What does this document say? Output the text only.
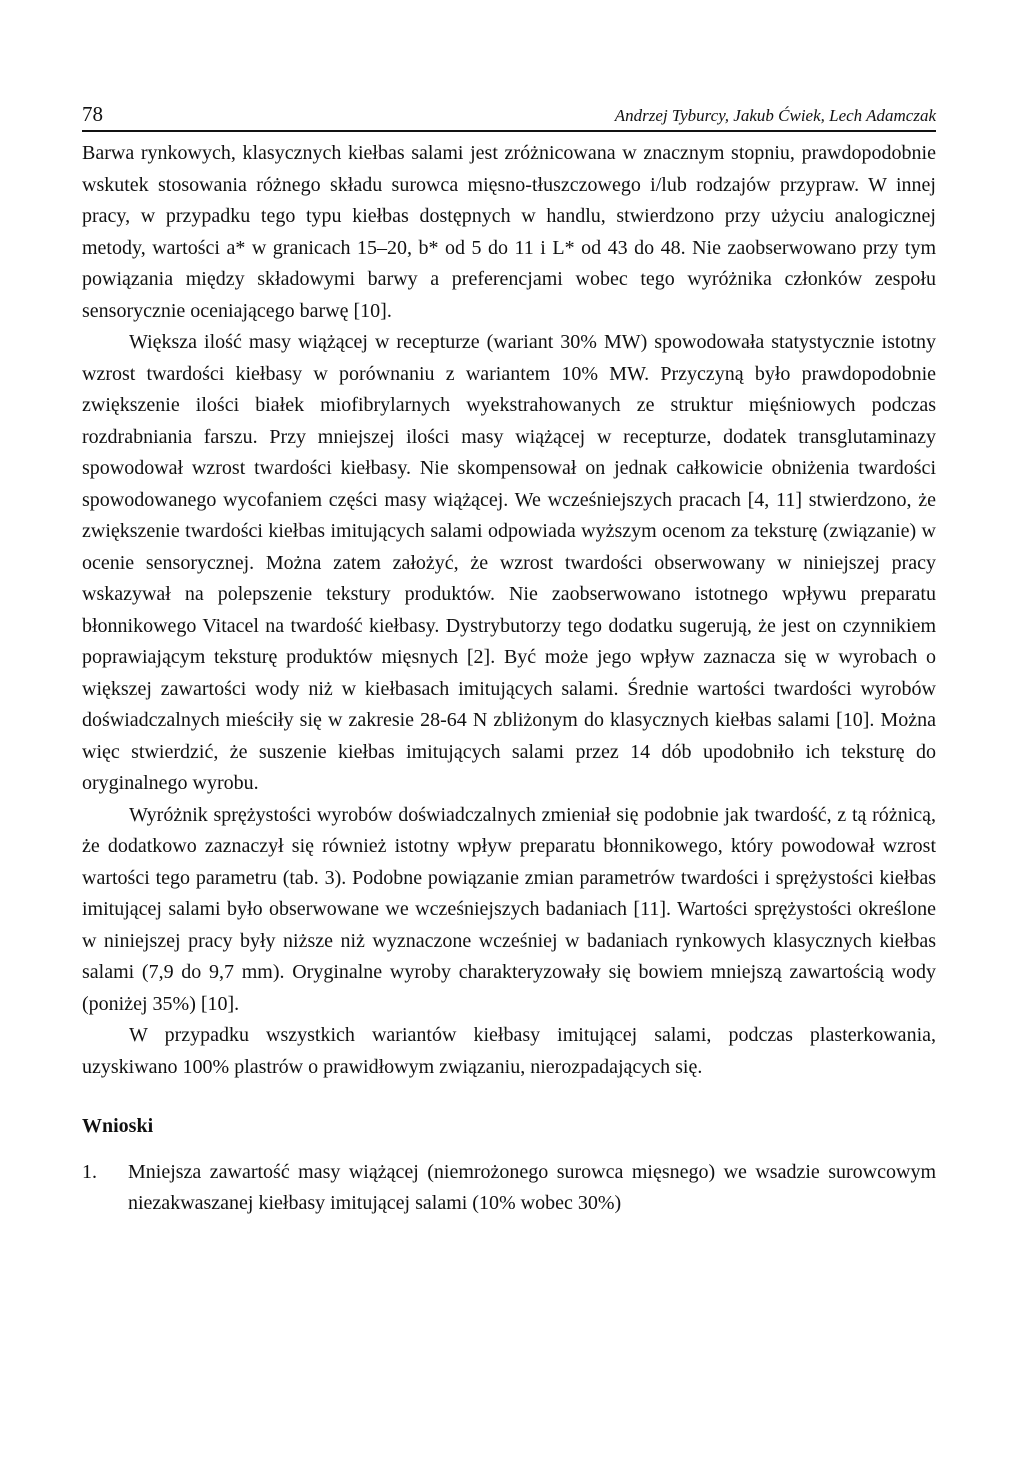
78	Andrzej Tyburcy, Jakub Ćwiek, Lech Adamczak

Barwa rynkowych, klasycznych kiełbas salami jest zróżnicowana w znacznym stopniu, prawdopodobnie wskutek stosowania różnego składu surowca mięsno-tłuszczowego i/lub rodzajów przypraw. W innej pracy, w przypadku tego typu kiełbas dostępnych w handlu, stwierdzono przy użyciu analogicznej metody, wartości a* w granicach 15–20, b* od 5 do 11 i L* od 43 do 48. Nie zaobserwowano przy tym powiązania między składowymi barwy a preferencjami wobec tego wyróżnika członków zespołu sensorycznie oceniającego barwę [10].

Większa ilość masy wiążącej w recepturze (wariant 30% MW) spowodowała statystycznie istotny wzrost twardości kiełbasy w porównaniu z wariantem 10% MW. Przyczyną było prawdopodobnie zwiększenie ilości białek miofibrylarnych wyekstrahowanych ze struktur mięśniowych podczas rozdrabniania farszu. Przy mniejszej ilości masy wiążącej w recepturze, dodatek transglutaminazy spowodował wzrost twardości kiełbasy. Nie skompensował on jednak całkowicie obniżenia twardości spowodowanego wycofaniem części masy wiążącej. We wcześniejszych pracach [4, 11] stwierdzono, że zwiększenie twardości kiełbas imitujących salami odpowiada wyższym ocenom za teksturę (związanie) w ocenie sensorycznej. Można zatem założyć, że wzrost twardości obserwowany w niniejszej pracy wskazywał na polepszenie tekstury produktów. Nie zaobserwowano istotnego wpływu preparatu błonnikowego Vitacel na twardość kiełbasy. Dystrybutorzy tego dodatku sugerują, że jest on czynnikiem poprawiającym teksturę produktów mięsnych [2]. Być może jego wpływ zaznacza się w wyrobach o większej zawartości wody niż w kiełbasach imitujących salami. Średnie wartości twardości wyrobów doświadczalnych mieściły się w zakresie 28-64 N zbliżonym do klasycznych kiełbas salami [10]. Można więc stwierdzić, że suszenie kiełbas imitujących salami przez 14 dób upodobniło ich teksturę do oryginalnego wyrobu.

Wyróżnik sprężystości wyrobów doświadczalnych zmieniał się podobnie jak twardość, z tą różnicą, że dodatkowo zaznaczył się również istotny wpływ preparatu błonnikowego, który powodował wzrost wartości tego parametru (tab. 3). Podobne powiązanie zmian parametrów twardości i sprężystości kiełbas imitującej salami było obserwowane we wcześniejszych badaniach [11]. Wartości sprężystości określone w niniejszej pracy były niższe niż wyznaczone wcześniej w badaniach rynkowych klasycznych kiełbas salami (7,9 do 9,7 mm). Oryginalne wyroby charakteryzowały się bowiem mniejszą zawartością wody (poniżej 35%) [10].

W przypadku wszystkich wariantów kiełbasy imitującej salami, podczas plasterkowania, uzyskiwano 100% plastrów o prawidłowym związaniu, nierozpadających się.

Wnioski
1.	Mniejsza zawartość masy wiążącej (niemrożonego surowca mięsnego) we wsadzie surowcowym niezakwaszanej kiełbasy imitującej salami (10% wobec 30%)
